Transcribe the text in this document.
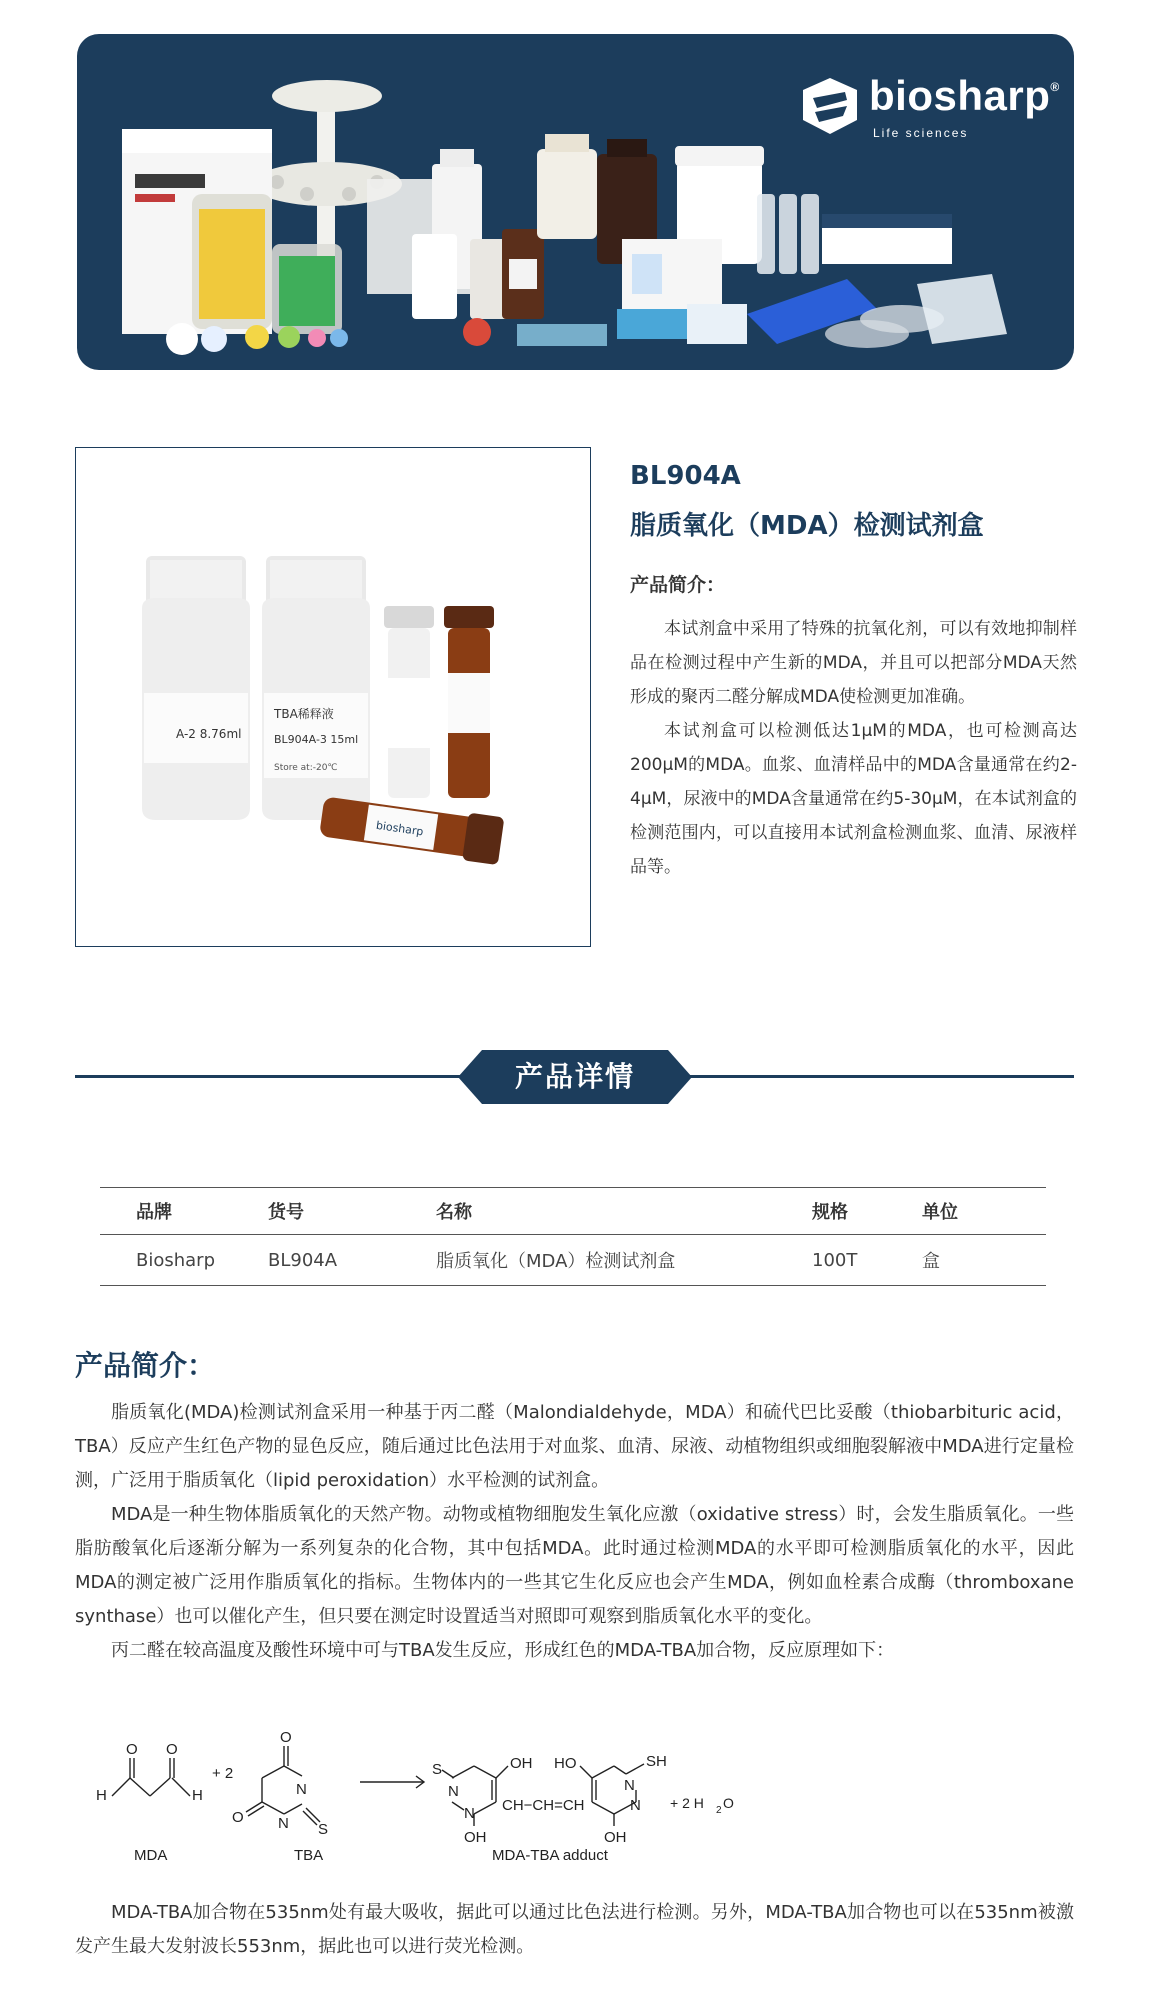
biosharp®
Life sciences
A-2 8.76ml
TBA稀释液
BL904A-3 15ml
Store at:-20℃
biosharp
BL904A
脂质氧化（MDA）检测试剂盒
产品简介：

本试剂盒中采用了特殊的抗氧化剂，可以有效地抑制样品在检测过程中产生新的MDA，并且可以把部分MDA天然形成的聚丙二醛分解成MDA使检测更加准确。

本试剂盒可以检测低达1μM的MDA，也可检测高达200μM的MDA。血浆、血清样品中的MDA含量通常在约2-4μM，尿液中的MDA含量通常在约5-30μM，在本试剂盒的检测范围内，可以直接用本试剂盒检测血浆、血清、尿液样品等。

产品详情
品牌	货号	名称	规格	单位
Biosharp	BL904A	脂质氧化（MDA）检测试剂盒	100T	盒
产品简介：

脂质氧化(MDA)检测试剂盒采用一种基于丙二醛（Malondialdehyde，MDA）和硫代巴比妥酸（thiobarbituric acid，TBA）反应产生红色产物的显色反应，随后通过比色法用于对血浆、血清、尿液、动植物组织或细胞裂解液中MDA进行定量检测，广泛用于脂质氧化（lipid peroxidation）水平检测的试剂盒。

MDA是一种生物体脂质氧化的天然产物。动物或植物细胞发生氧化应激（oxidative stress）时，会发生脂质氧化。一些脂肪酸氧化后逐渐分解为一系列复杂的化合物，其中包括MDA。此时通过检测MDA的水平即可检测脂质氧化的水平，因此MDA的测定被广泛用作脂质氧化的指标。生物体内的一些其它生化反应也会产生MDA，例如血栓素合成酶（thromboxane synthase）也可以催化产生，但只要在测定时设置适当对照即可观察到脂质氧化水平的变化。

丙二醛在较高温度及酸性环境中可与TBA发生反应，形成红色的MDA-TBA加合物，反应原理如下：

H
O O
H
+ 2
O
O
N
N S
S
N
N
OH
OH
CH−CH=CH
HO
N
N
SH
OH
+ 2 H 2 O
MDA	TBA	MDA-TBA adduct

MDA-TBA加合物在535nm处有最大吸收，据此可以通过比色法进行检测。另外，MDA-TBA加合物也可以在535nm被激发产生最大发射波长553nm，据此也可以进行荧光检测。
